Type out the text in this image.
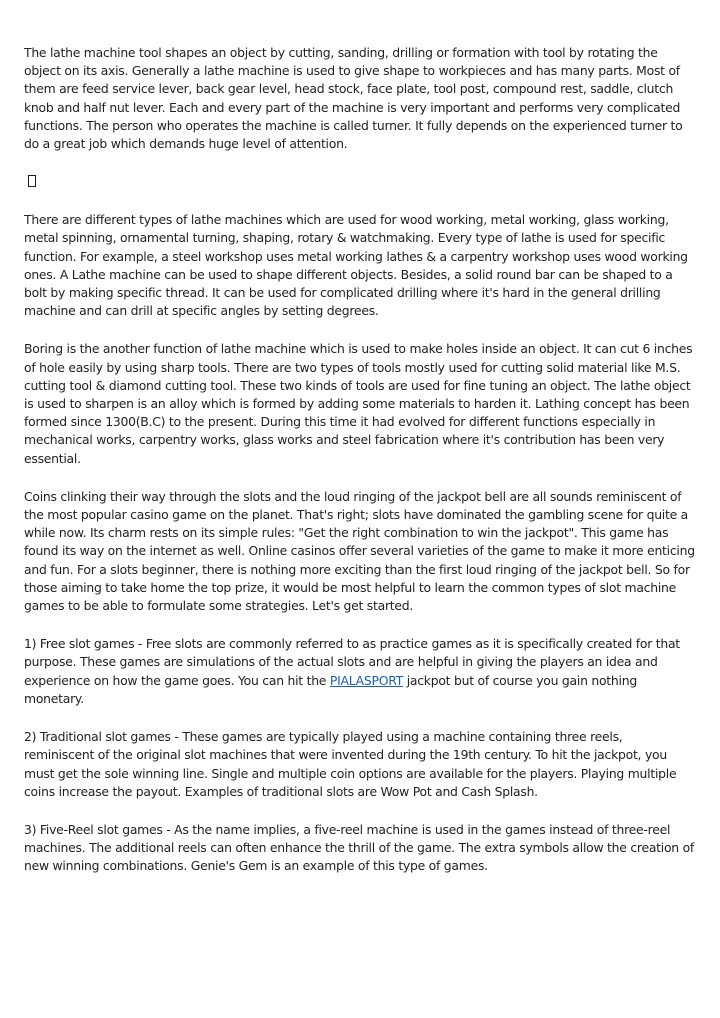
The lathe machine tool shapes an object by cutting, sanding, drilling or formation with tool by rotating the object on its axis. Generally a lathe machine is used to give shape to workpieces and has many parts. Most of them are feed service lever, back gear level, head stock, face plate, tool post, compound rest, saddle, clutch knob and half nut lever. Each and every part of the machine is very important and performs very complicated functions. The person who operates the machine is called turner. It fully depends on the experienced turner to do a great job which demands huge level of attention.

There are different types of lathe machines which are used for wood working, metal working, glass working, metal spinning, ornamental turning, shaping, rotary & watchmaking. Every type of lathe is used for specific function. For example, a steel workshop uses metal working lathes & a carpentry workshop uses wood working ones. A Lathe machine can be used to shape different objects. Besides, a solid round bar can be shaped to a bolt by making specific thread. It can be used for complicated drilling where it's hard in the general drilling machine and can drill at specific angles by setting degrees.

Boring is the another function of lathe machine which is used to make holes inside an object. It can cut 6 inches of hole easily by using sharp tools. There are two types of tools mostly used for cutting solid material like M.S. cutting tool & diamond cutting tool. These two kinds of tools are used for fine tuning an object. The lathe object is used to sharpen is an alloy which is formed by adding some materials to harden it. Lathing concept has been formed since 1300(B.C) to the present. During this time it had evolved for different functions especially in mechanical works, carpentry works, glass works and steel fabrication where it's contribution has been very essential.

Coins clinking their way through the slots and the loud ringing of the jackpot bell are all sounds reminiscent of the most popular casino game on the planet. That's right; slots have dominated the gambling scene for quite a while now. Its charm rests on its simple rules: "Get the right combination to win the jackpot". This game has found its way on the internet as well. Online casinos offer several varieties of the game to make it more enticing and fun. For a slots beginner, there is nothing more exciting than the first loud ringing of the jackpot bell. So for those aiming to take home the top prize, it would be most helpful to learn the common types of slot machine games to be able to formulate some strategies. Let's get started.

1) Free slot games - Free slots are commonly referred to as practice games as it is specifically created for that purpose. These games are simulations of the actual slots and are helpful in giving the players an idea and experience on how the game goes. You can hit the PIALASPORT jackpot but of course you gain nothing monetary.

2) Traditional slot games - These games are typically played using a machine containing three reels, reminiscent of the original slot machines that were invented during the 19th century. To hit the jackpot, you must get the sole winning line. Single and multiple coin options are available for the players. Playing multiple coins increase the payout. Examples of traditional slots are Wow Pot and Cash Splash.

3) Five-Reel slot games - As the name implies, a five-reel machine is used in the games instead of three-reel machines. The additional reels can often enhance the thrill of the game. The extra symbols allow the creation of new winning combinations. Genie's Gem is an example of this type of games.
